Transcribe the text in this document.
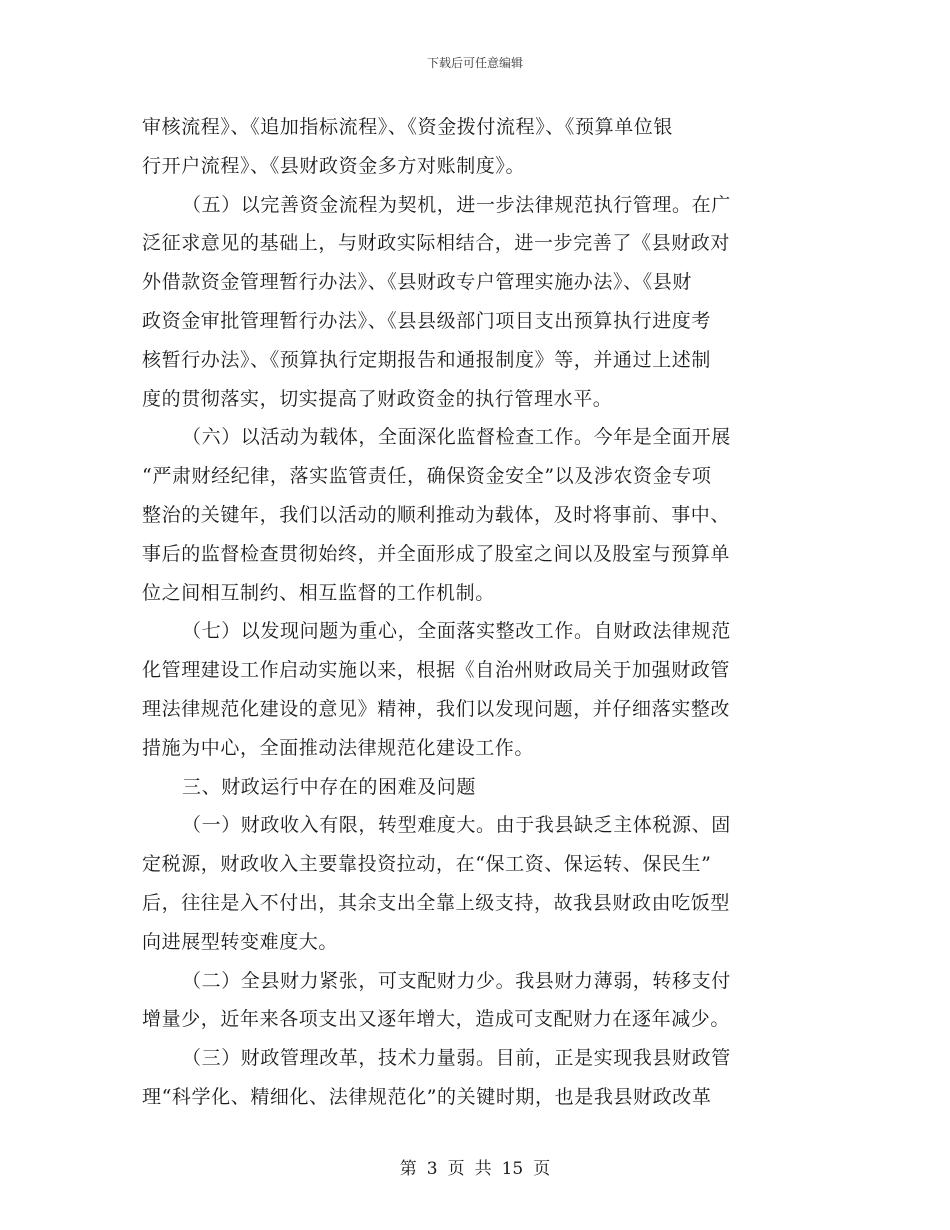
下载后可任意编辑
审核流程》、《追加指标流程》、《资金拨付流程》、《预算单位银
行开户流程》、《县财政资金多方对账制度》。
（五）以完善资金流程为契机，进一步法律规范执行管理。在广
泛征求意见的基础上，与财政实际相结合，进一步完善了《县财政对
外借款资金管理暂行办法》、《县财政专户管理实施办法》、《县财
政资金审批管理暂行办法》、《县县级部门项目支出预算执行进度考
核暂行办法》、《预算执行定期报告和通报制度》等，并通过上述制
度的贯彻落实，切实提高了财政资金的执行管理水平。
（六）以活动为载体，全面深化监督检查工作。今年是全面开展
“严肃财经纪律，落实监管责任，确保资金安全”以及涉农资金专项
整治的关键年，我们以活动的顺利推动为载体，及时将事前、事中、
事后的监督检查贯彻始终，并全面形成了股室之间以及股室与预算单
位之间相互制约、相互监督的工作机制。
（七）以发现问题为重心，全面落实整改工作。自财政法律规范
化管理建设工作启动实施以来，根据《自治州财政局关于加强财政管
理法律规范化建设的意见》精神，我们以发现问题，并仔细落实整改
措施为中心，全面推动法律规范化建设工作。
三、财政运行中存在的困难及问题
（一）财政收入有限，转型难度大。由于我县缺乏主体税源、固
定税源，财政收入主要靠投资拉动，在“保工资、保运转、保民生”
后，往往是入不付出，其余支出全靠上级支持，故我县财政由吃饭型
向进展型转变难度大。
（二）全县财力紧张，可支配财力少。我县财力薄弱，转移支付
增量少，近年来各项支出又逐年增大，造成可支配财力在逐年减少。
（三）财政管理改革，技术力量弱。目前，正是实现我县财政管
理“科学化、精细化、法律规范化”的关键时期，也是我县财政改革
第 3 页 共 15 页
